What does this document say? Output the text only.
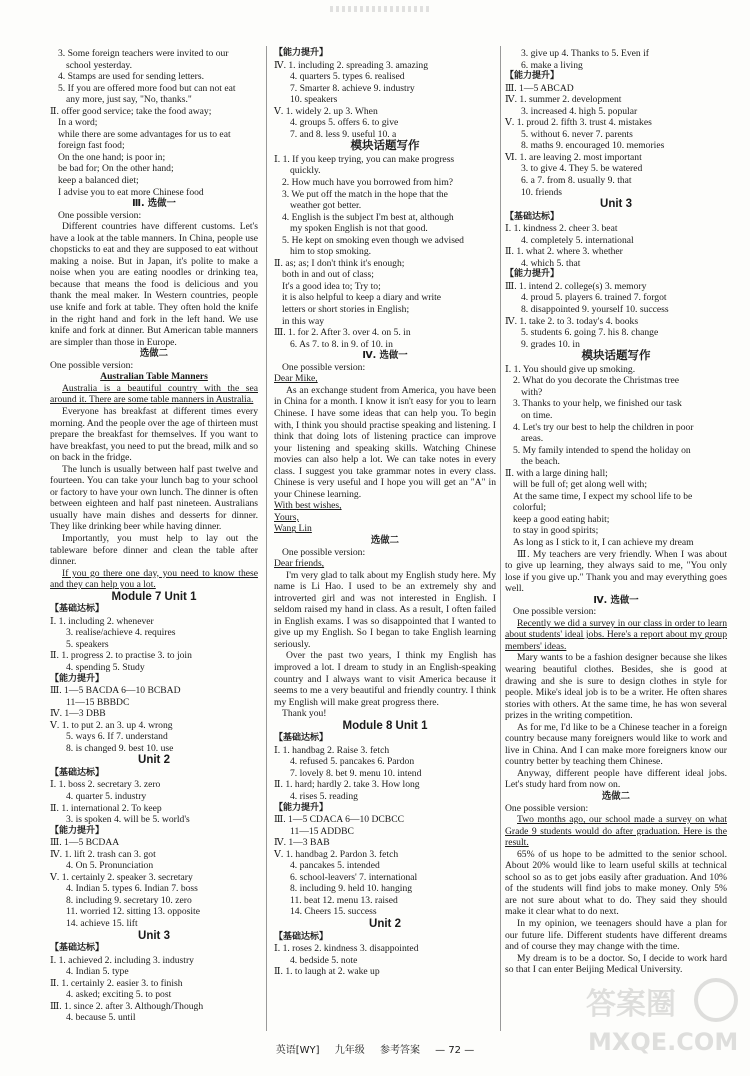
3. Some foreign teachers were invited to our
school yesterday.
4. Stamps are used for sending letters.
5. If you are offered more food but can not eat
any more, just say, "No, thanks."
Ⅱ. offer good service; take the food away;
In a word;
while there are some advantages for us to eat
foreign fast food;
On the one hand; is poor in;
be bad for; On the other hand;
keep a balanced diet;
I advise you to eat more Chinese food
Ⅲ. 选做一
One possible version:
Different countries have different customs. Let's have a look at the table manners. In China, people use chopsticks to eat and they are supposed to eat without making a noise. But in Japan, it's polite to make a noise when you are eating noodles or drinking tea, because that means the food is delicious and you thank the meal maker. In Western countries, people use knife and fork at table. They often hold the knife in the right hand and fork in the left hand. We use knife and fork at dinner. But American table manners are simpler than those in Europe.
选做二
One possible version:
Australian Table Manners
Australia is a beautiful country with the sea around it. There are some table manners in Australia.
Everyone has breakfast at different times every morning. And the people over the age of thirteen must prepare the breakfast for themselves. If you want to have breakfast, you need to put the bread, milk and so on back in the fridge.
The lunch is usually between half past twelve and fourteen. You can take your lunch bag to your school or factory to have your own lunch. The dinner is often between eighteen and half past nineteen. Australians usually have main dishes and desserts for dinner. They like drinking beer while having dinner.
Importantly, you must help to lay out the tableware before dinner and clean the table after dinner.
If you go there one day, you need to know these and they can help you a lot.
Module 7 Unit 1
【基础达标】
Ⅰ. 1. including 2. whenever
3. realise/achieve 4. requires
5. speakers
Ⅱ. 1. progress 2. to practise 3. to join
4. spending 5. Study
【能力提升】
Ⅲ. 1—5 BACDA 6—10 BCBAD
11—15 BBBDC
Ⅳ. 1—3 DBB
Ⅴ. 1. to put 2. an 3. up 4. wrong
5. ways 6. If 7. understand
8. is changed 9. best 10. use
Unit 2
【基础达标】
Ⅰ. 1. boss 2. secretary 3. zero
4. quarter 5. industry
Ⅱ. 1. international 2. To keep
3. is spoken 4. will be 5. world's
【能力提升】
Ⅲ. 1—5 BCDAA
Ⅳ. 1. lift 2. trash can 3. got
4. On 5. Pronunciation
Ⅴ. 1. certainly 2. speaker 3. secretary
4. Indian 5. types 6. Indian 7. boss
8. including 9. secretary 10. zero
11. worried 12. sitting 13. opposite
14. achieve 15. lift
Unit 3
【基础达标】
Ⅰ. 1. achieved 2. including 3. industry
4. Indian 5. type
Ⅱ. 1. certainly 2. easier 3. to finish
4. asked; exciting 5. to post
Ⅲ. 1. since 2. after 3. Although/Though
4. because 5. until
【能力提升】
Ⅳ. 1. including 2. spreading 3. amazing
4. quarters 5. types 6. realised
7. Smarter 8. achieve 9. industry
10. speakers
Ⅴ. 1. widely 2. up 3. When
4. groups 5. offers 6. to give
7. and 8. less 9. useful 10. a
模块话题写作
Ⅰ. 1. If you keep trying, you can make progress
quickly.
2. How much have you borrowed from him?
3. We put off the match in the hope that the
weather got better.
4. English is the subject I'm best at, although
my spoken English is not that good.
5. He kept on smoking even though we advised
him to stop smoking.
Ⅱ. as; as; I don't think it's enough;
both in and out of class;
It's a good idea to; Try to;
it is also helpful to keep a diary and write
letters or short stories in English;
in this way
Ⅲ. 1. for 2. After 3. over 4. on 5. in
6. As 7. to 8. in 9. of 10. in
Ⅳ. 选做一
One possible version:
Dear Mike,
As an exchange student from America, you have been in China for a month. I know it isn't easy for you to learn Chinese. I have some ideas that can help you. To begin with, I think you should practise speaking and listening. I think that doing lots of listening practice can improve your listening and speaking skills. Watching Chinese movies can also help a lot. We can take notes in every class. I suggest you take grammar notes in every class. Chinese is very useful and I hope you will get an "A" in your Chinese learning.
With best wishes,
Yours,
Wang Lin
选做二
One possible version:
Dear friends,
I'm very glad to talk about my English study here. My name is Li Hao. I used to be an extremely shy and introverted girl and was not interested in English. I seldom raised my hand in class. As a result, I often failed in English exams. I was so disappointed that I wanted to give up my English. So I began to take English learning seriously.
Over the past two years, I think my English has improved a lot. I dream to study in an English-speaking country and I always want to visit America because it seems to me a very beautiful and friendly country. I think my English will make great progress there.
Thank you!
Module 8 Unit 1
【基础达标】
Ⅰ. 1. handbag 2. Raise 3. fetch
4. refused 5. pancakes 6. Pardon
7. lovely 8. bet 9. menu 10. intend
Ⅱ. 1. hard; hardly 2. take 3. How long
4. rises 5. reading
【能力提升】
Ⅲ. 1—5 CDACA 6—10 DCBCC
11—15 ADDBC
Ⅳ. 1—3 BAB
Ⅴ. 1. handbag 2. Pardon 3. fetch
4. pancakes 5. intended
6. school-leavers' 7. international
8. including 9. held 10. hanging
11. beat 12. menu 13. raised
14. Cheers 15. success
Unit 2
【基础达标】
Ⅰ. 1. roses 2. kindness 3. disappointed
4. bedside 5. note
Ⅱ. 1. to laugh at 2. wake up
3. give up 4. Thanks to 5. Even if
6. make a living
【能力提升】
Ⅲ. 1—5 ABCAD
Ⅳ. 1. summer 2. development
3. increased 4. high 5. popular
Ⅴ. 1. proud 2. fifth 3. trust 4. mistakes
5. without 6. never 7. parents
8. maths 9. encouraged 10. memories
Ⅵ. 1. are leaving 2. most important
3. to give 4. They 5. be watered
6. a 7. from 8. usually 9. that
10. friends
Unit 3
【基础达标】
Ⅰ. 1. kindness 2. cheer 3. beat
4. completely 5. international
Ⅱ. 1. what 2. where 3. whether
4. which 5. that
【能力提升】
Ⅲ. 1. intend 2. college(s) 3. memory
4. proud 5. players 6. trained 7. forgot
8. disappointed 9. yourself 10. success
Ⅳ. 1. take 2. to 3. today's 4. books
5. students 6. going 7. his 8. change
9. grades 10. in
模块话题写作
Ⅰ. 1. You should give up smoking.
2. What do you decorate the Christmas tree
with?
3. Thanks to your help, we finished our task
on time.
4. Let's try our best to help the children in poor
areas.
5. My family intended to spend the holiday on
the beach.
Ⅱ. with a large dining hall;
will be full of; get along well with;
At the same time, I expect my school life to be
colorful;
keep a good eating habit;
to stay in good spirits;
As long as I stick to it, I can achieve my dream
Ⅲ. My teachers are very friendly. When I was about to give up learning, they always said to me, "You only lose if you give up." Thank you and may everything goes well.
Ⅳ. 选做一
One possible version:
Recently we did a survey in our class in order to learn about students' ideal jobs. Here's a report about my group members' ideas.
Mary wants to be a fashion designer because she likes wearing beautiful clothes. Besides, she is good at drawing and she is sure to design clothes in style for people. Mike's ideal job is to be a writer. He often shares stories with others. At the same time, he has won several prizes in the writing competition.
As for me, I'd like to be a Chinese teacher in a foreign country because many foreigners would like to work and live in China. And I can make more foreigners know our country better by teaching them Chinese.
Anyway, different people have different ideal jobs. Let's study hard from now on.
选做二
One possible version:
Two months ago, our school made a survey on what Grade 9 students would do after graduation. Here is the result.
65% of us hope to be admitted to the senior school. About 20% would like to learn useful skills at technical school so as to get jobs easily after graduation. And 10% of the students will find jobs to make money. Only 5% are not sure about what to do. They said they should make it clear what to do next.
In my opinion, we teenagers should have a plan for our future life. Different students have different dreams and of course they may change with the time.
My dream is to be a doctor. So, I decide to work hard so that I can enter Beijing Medical University.
英语[WY] 九年级 参考答案 — 72 —
答案圈
MXQE.COM
